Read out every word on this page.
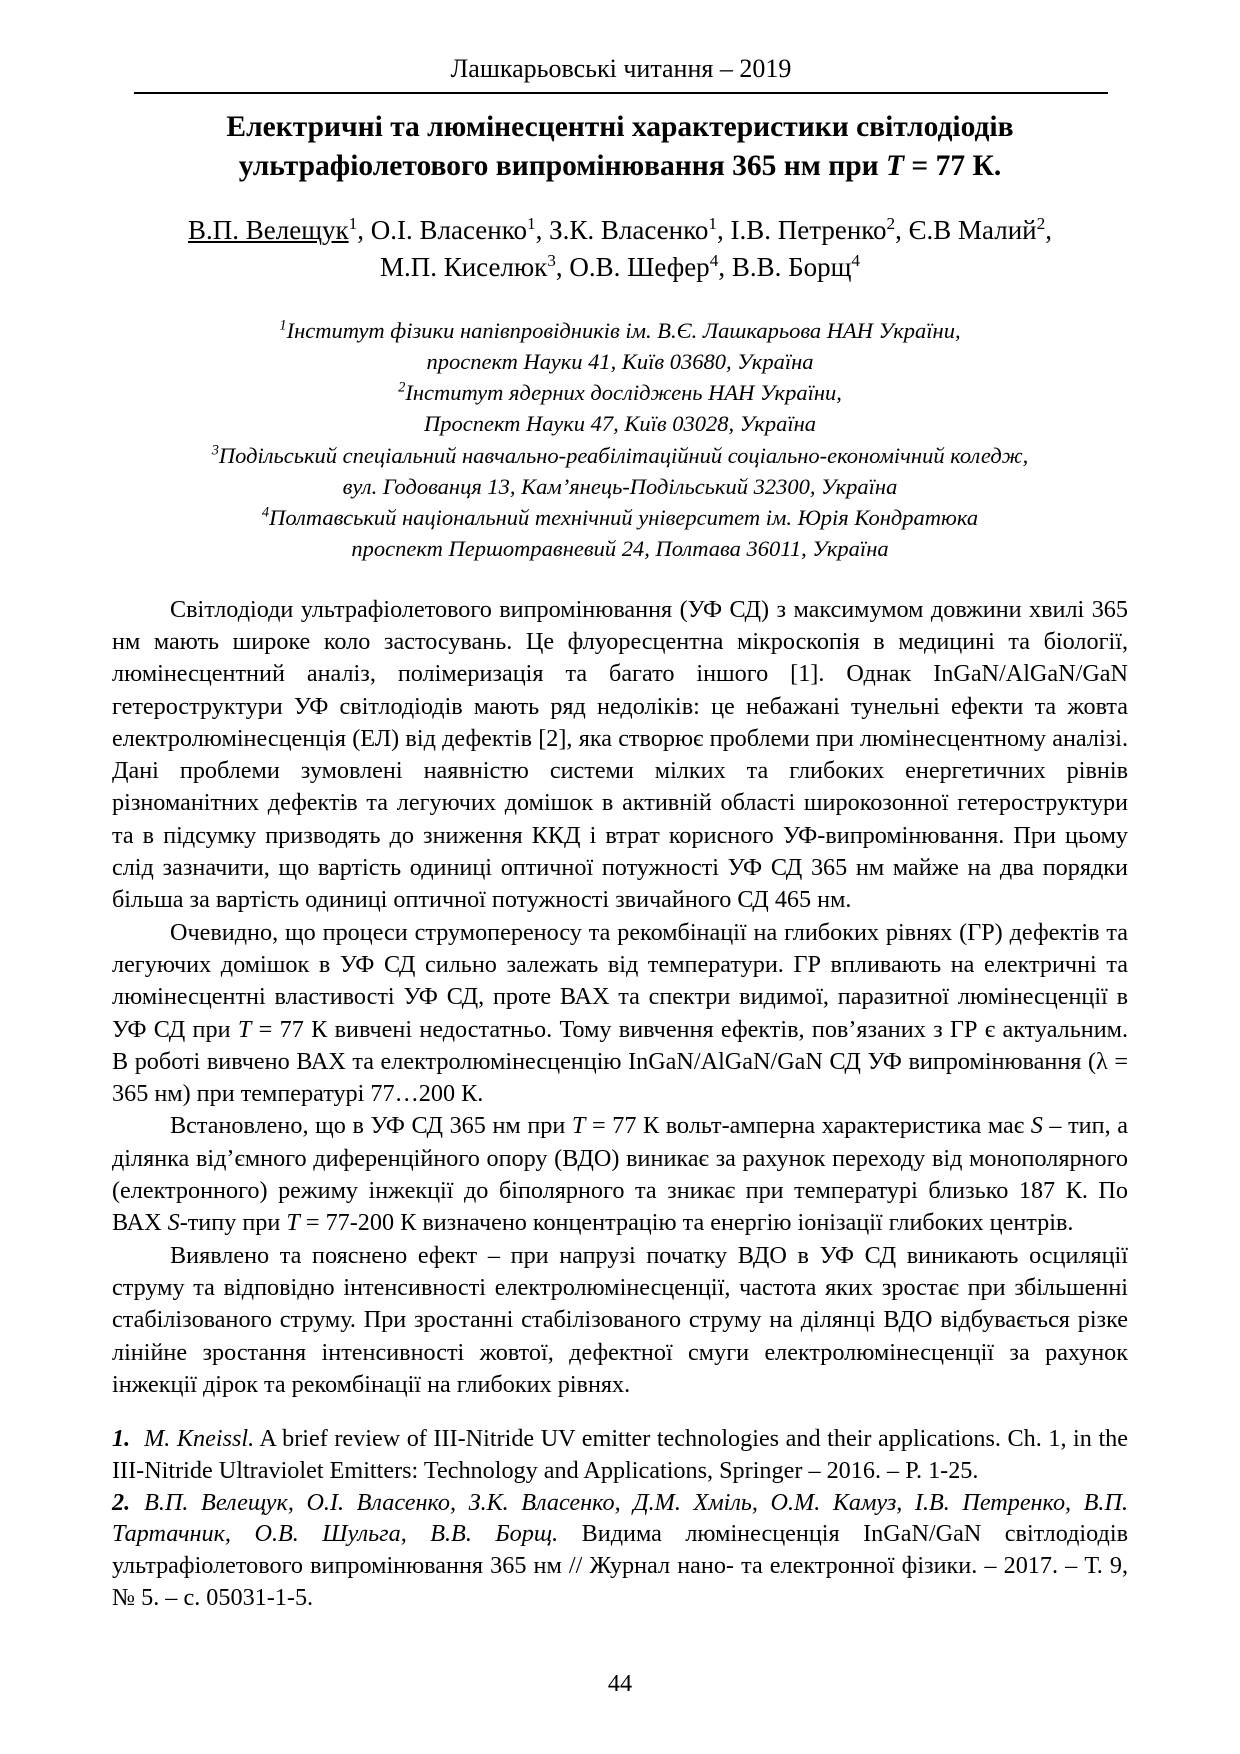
Лашкарьовські читання – 2019
Електричні та люмінесцентні характеристики світлодіодів
ультрафіолетового випромінювання 365 нм при T = 77 К.
В.П. Велещук$^1$, О.І. Власенко$^1$, З.К. Власенко$^1$, І.В. Петренко$^2$, Є.В Малий$^2$,
М.П. Киселюк$^3$, О.В. Шефер$^4$, В.В. Борщ$^4$
$^1$Інститут фізики напівпровідників ім. В.Є. Лашкарьова НАН України,
проспект Науки 41, Київ 03680, Україна
$^2$Інститут ядерних досліджень НАН України,
Проспект Науки 47, Київ 03028, Україна
$^3$Подільський спеціальний навчально-реабілітаційний соціально-економічний коледж,
вул. Годованця 13, Кам’янець-Подільський 32300, Україна
$^4$Полтавський національний технічний університет ім. Юрія Кондратюка
проспект Першотравневий 24, Полтава 36011, Україна

Світлодіоди ультрафіолетового випромінювання (УФ СД) з максимумом довжини хвилі 365 нм мають широке коло застосувань. Це флуоресцентна мікроскопія в медицині та біології, люмінесцентний аналіз, полімеризація та багато іншого [1]. Однак InGaN/AlGaN/GaN гетероструктури УФ світлодіодів мають ряд недоліків: це небажані тунельні ефекти та жовта електролюмінесценція (ЕЛ) від дефектів [2], яка створює проблеми при люмінесцентному аналізі. Дані проблеми зумовлені наявністю системи мілких та глибоких енергетичних рівнів різноманітних дефектів та легуючих домішок в активній області широкозонної гетероструктури та в підсумку призводять до зниження ККД і втрат корисного УФ-випромінювання. При цьому слід зазначити, що вартість одиниці оптичної потужності УФ СД 365 нм майже на два порядки більша за вартість одиниці оптичної потужності звичайного СД 465 нм.

Очевидно, що процеси струмопереносу та рекомбінації на глибоких рівнях (ГР) дефектів та легуючих домішок в УФ СД сильно залежать від температури. ГР впливають на електричні та люмінесцентні властивості УФ СД, проте ВАХ та спектри видимої, паразитної люмінесценції в УФ СД при T = 77 К вивчені недостатньо. Тому вивчення ефектів, пов’язаних з ГР є актуальним. В роботі вивчено ВАХ та електролюмінесценцію InGaN/AlGaN/GaN СД УФ випромінювання (λ = 365 нм) при температурі 77…200 К.

Встановлено, що в УФ СД 365 нм при T = 77 К вольт-амперна характеристика має S – тип, а ділянка від’ємного диференційного опору (ВДО) виникає за рахунок переходу від монополярного (електронного) режиму інжекції до біполярного та зникає при температурі близько 187 К. По ВАХ S-типу при T = 77-200 К визначено концентрацію та енергію іонізації глибоких центрів.

Виявлено та пояснено ефект – при напрузі початку ВДО в УФ СД виникають осциляції струму та відповідно інтенсивності електролюмінесценції, частота яких зростає при збільшенні стабілізованого струму. При зростанні стабілізованого струму на ділянці ВДО відбувається різке лінійне зростання інтенсивності жовтої, дефектної смуги електролюмінесценції за рахунок інжекції дірок та рекомбінації на глибоких рівнях.

1. M. Kneissl. A brief review of III-Nitride UV emitter technologies and their applications. Ch. 1, in the III-Nitride Ultraviolet Emitters: Technology and Applications, Springer – 2016. – P. 1-25.

2. В.П. Велещук, О.І. Власенко, З.К. Власенко, Д.М. Хміль, О.М. Камуз, І.В. Петренко, В.П. Тартачник, О.В. Шульга, В.В. Борщ. Видима люмінесценція InGaN/GaN світлодіодів ультрафіолетового випромінювання 365 нм // Журнал нано- та електронної фізики. – 2017. – Т. 9, № 5. – с. 05031-1-5.

44
